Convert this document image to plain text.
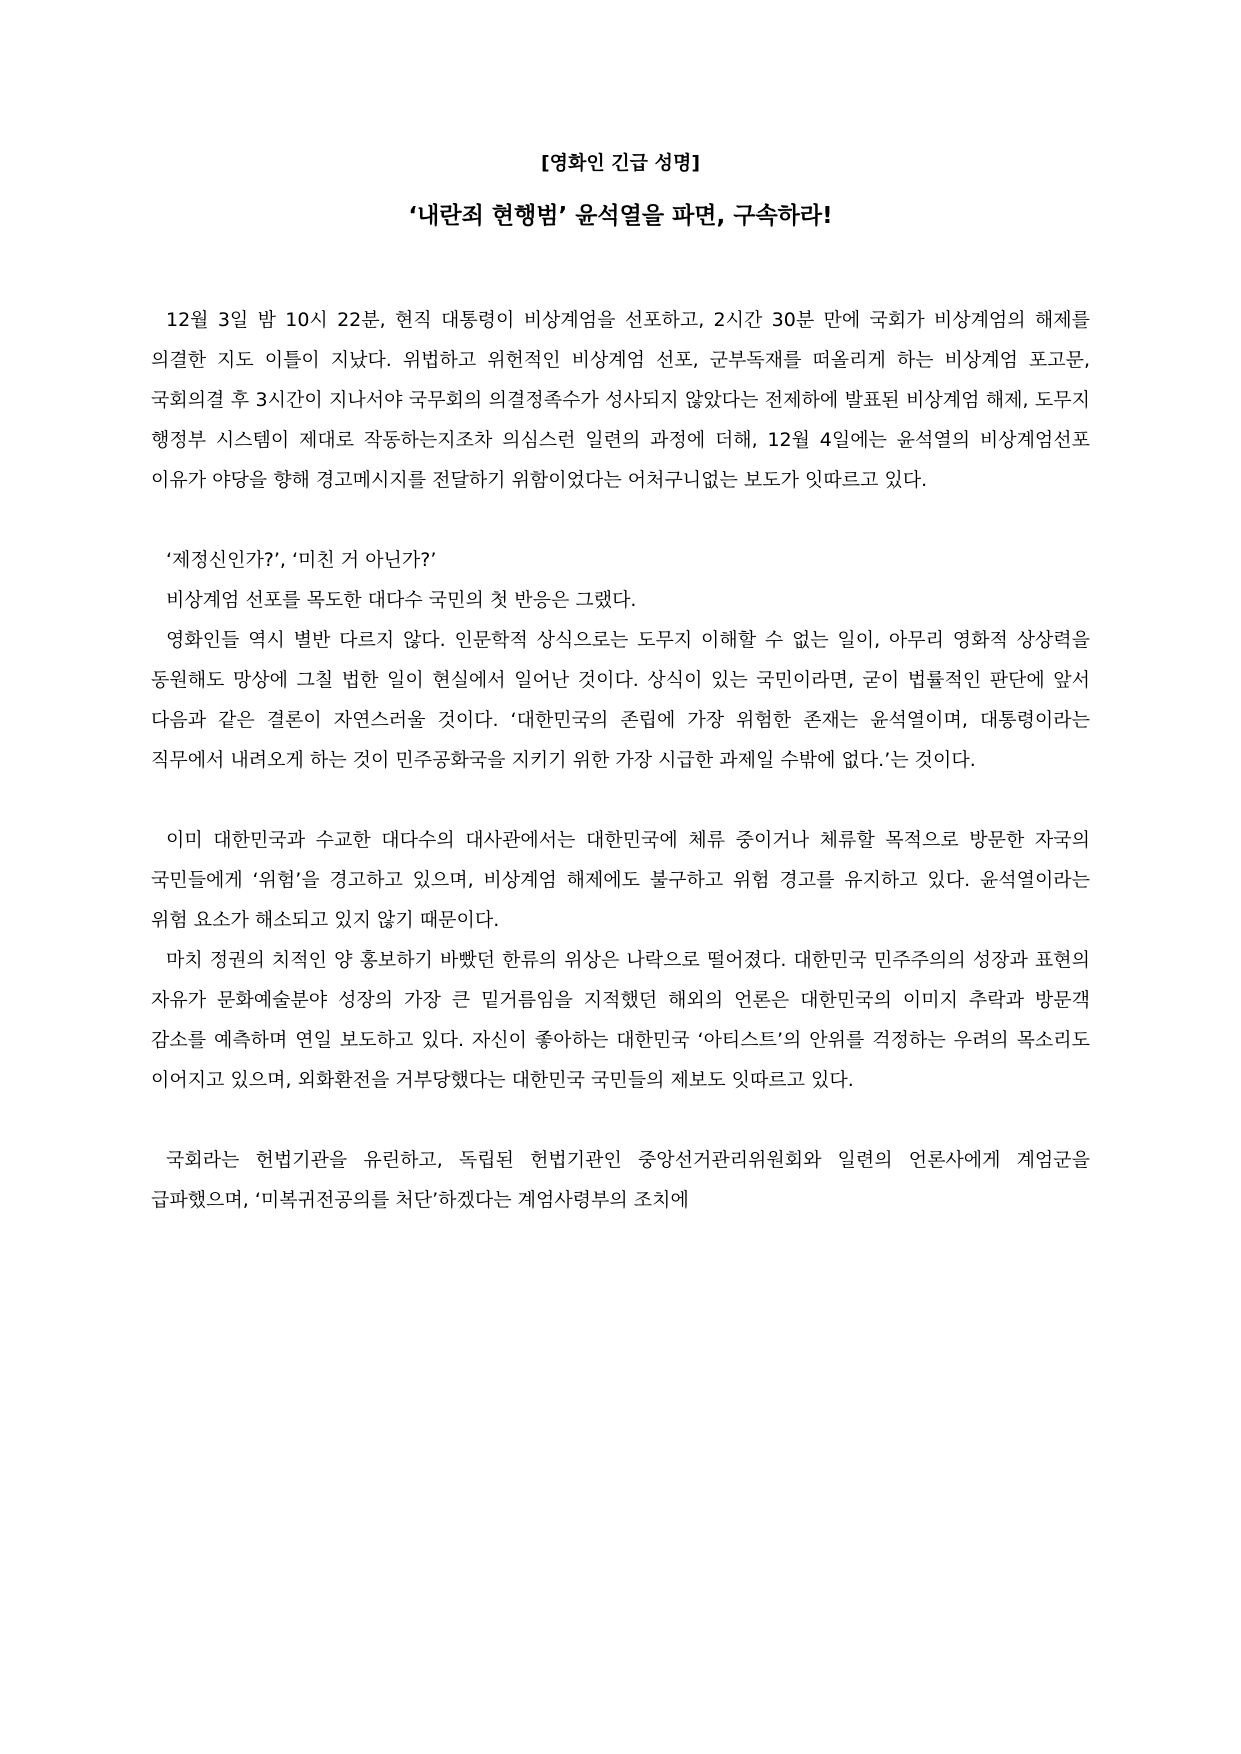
[영화인 긴급 성명]
‘내란죄 현행범’ 윤석열을 파면, 구속하라!

12월 3일 밤 10시 22분, 현직 대통령이 비상계엄을 선포하고, 2시간 30분 만에 국회가 비상계엄의 해제를 의결한 지도 이틀이 지났다. 위법하고 위헌적인 비상계엄 선포, 군부독재를 떠올리게 하는 비상계엄 포고문, 국회의결 후 3시간이 지나서야 국무회의 의결정족수가 성사되지 않았다는 전제하에 발표된 비상계엄 해제, 도무지 행정부 시스템이 제대로 작동하는지조차 의심스런 일련의 과정에 더해, 12월 4일에는 윤석열의 비상계엄선포 이유가 야당을 향해 경고메시지를 전달하기 위함이었다는 어처구니없는 보도가 잇따르고 있다.

‘제정신인가?’, ‘미친 거 아닌가?’

비상계엄 선포를 목도한 대다수 국민의 첫 반응은 그랬다.

영화인들 역시 별반 다르지 않다. 인문학적 상식으로는 도무지 이해할 수 없는 일이, 아무리 영화적 상상력을 동원해도 망상에 그칠 법한 일이 현실에서 일어난 것이다. 상식이 있는 국민이라면, 굳이 법률적인 판단에 앞서 다음과 같은 결론이 자연스러울 것이다. ‘대한민국의 존립에 가장 위험한 존재는 윤석열이며, 대통령이라는 직무에서 내려오게 하는 것이 민주공화국을 지키기 위한 가장 시급한 과제일 수밖에 없다.’는 것이다.

이미 대한민국과 수교한 대다수의 대사관에서는 대한민국에 체류 중이거나 체류할 목적으로 방문한 자국의 국민들에게 ‘위험’을 경고하고 있으며, 비상계엄 해제에도 불구하고 위험 경고를 유지하고 있다. 윤석열이라는 위험 요소가 해소되고 있지 않기 때문이다.

마치 정권의 치적인 양 홍보하기 바빴던 한류의 위상은 나락으로 떨어졌다. 대한민국 민주주의의 성장과 표현의 자유가 문화예술분야 성장의 가장 큰 밑거름임을 지적했던 해외의 언론은 대한민국의 이미지 추락과 방문객 감소를 예측하며 연일 보도하고 있다. 자신이 좋아하는 대한민국 ‘아티스트’의 안위를 걱정하는 우려의 목소리도 이어지고 있으며, 외화환전을 거부당했다는 대한민국 국민들의 제보도 잇따르고 있다.

국회라는 헌법기관을 유린하고, 독립된 헌법기관인 중앙선거관리위원회와 일련의 언론사에게 계엄군을 급파했으며, ‘미복귀전공의를 처단’하겠다는 계엄사령부의 조치에
